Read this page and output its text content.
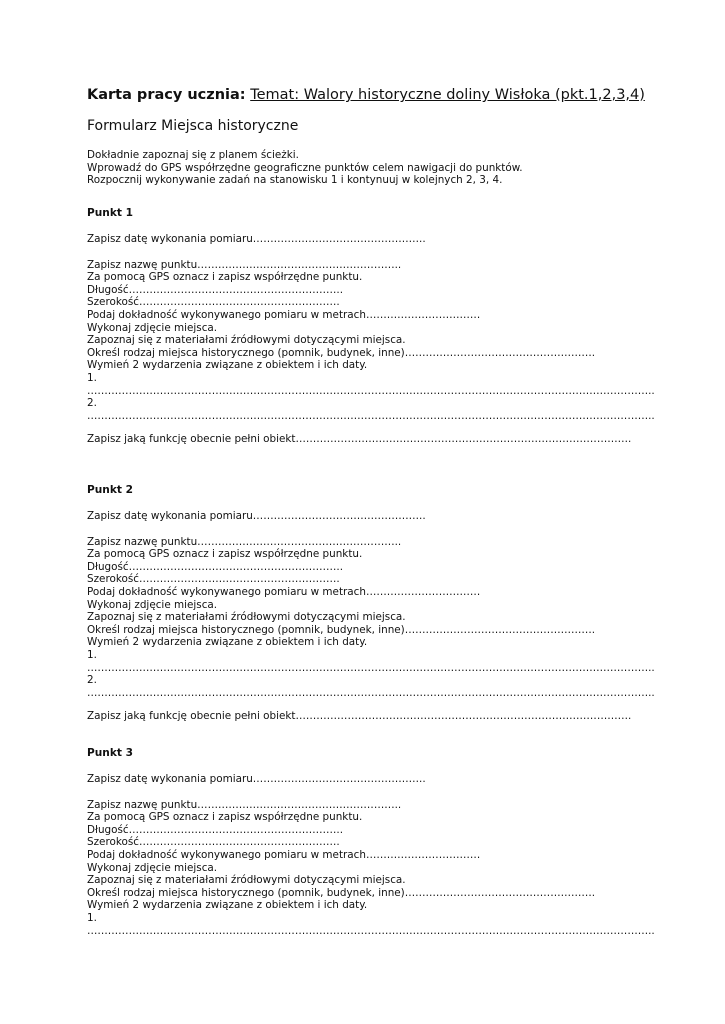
Karta pracy ucznia: Temat: Walory historyczne doliny Wisłoka (pkt.1,2,3,4)
Formularz Miejsca historyczne
Dokładnie zapoznaj się z planem ścieżki.
Wprowadź do GPS współrzędne geograficzne punktów celem nawigacji do punktów.
Rozpocznij wykonywanie zadań na stanowisku 1 i kontynuuj w kolejnych 2, 3, 4.
Punkt 1
Zapisz datę wykonania pomiaru…………………………………………..
Zapisz nazwę punktu…………………………………………………..
Za pomocą GPS oznacz i zapisz współrzędne punktu.
Długość……………………………………………………..
Szerokość………………………………………………….
Podaj dokładność wykonywanego pomiaru w metrach……………………………
Wykonaj zdjęcie miejsca.
Zapoznaj się z materiałami źródłowymi dotyczącymi miejsca.
Określ rodzaj miejsca historycznego (pomnik, budynek, inne)……………………………………………….
Wymień 2 wydarzenia związane z obiektem i ich daty.
1.
………………………………………………………………………………………………………………………………………………..
2.
………………………………………………………………………………………………………………………………………………..
Zapisz jaką funkcję obecnie pełni obiekt…………………………………………………………………………………….
Punkt 2
Zapisz datę wykonania pomiaru…………………………………………..
Zapisz nazwę punktu…………………………………………………..
Za pomocą GPS oznacz i zapisz współrzędne punktu.
Długość……………………………………………………..
Szerokość………………………………………………….
Podaj dokładność wykonywanego pomiaru w metrach……………………………
Wykonaj zdjęcie miejsca.
Zapoznaj się z materiałami źródłowymi dotyczącymi miejsca.
Określ rodzaj miejsca historycznego (pomnik, budynek, inne)……………………………………………….
Wymień 2 wydarzenia związane z obiektem i ich daty.
1.
………………………………………………………………………………………………………………………………………………..
2.
………………………………………………………………………………………………………………………………………………..
Zapisz jaką funkcję obecnie pełni obiekt…………………………………………………………………………………….
Punkt 3
Zapisz datę wykonania pomiaru…………………………………………..
Zapisz nazwę punktu…………………………………………………..
Za pomocą GPS oznacz i zapisz współrzędne punktu.
Długość……………………………………………………..
Szerokość………………………………………………….
Podaj dokładność wykonywanego pomiaru w metrach……………………………
Wykonaj zdjęcie miejsca.
Zapoznaj się z materiałami źródłowymi dotyczącymi miejsca.
Określ rodzaj miejsca historycznego (pomnik, budynek, inne)……………………………………………….
Wymień 2 wydarzenia związane z obiektem i ich daty.
1.
………………………………………………………………………………………………………………………………………………..
